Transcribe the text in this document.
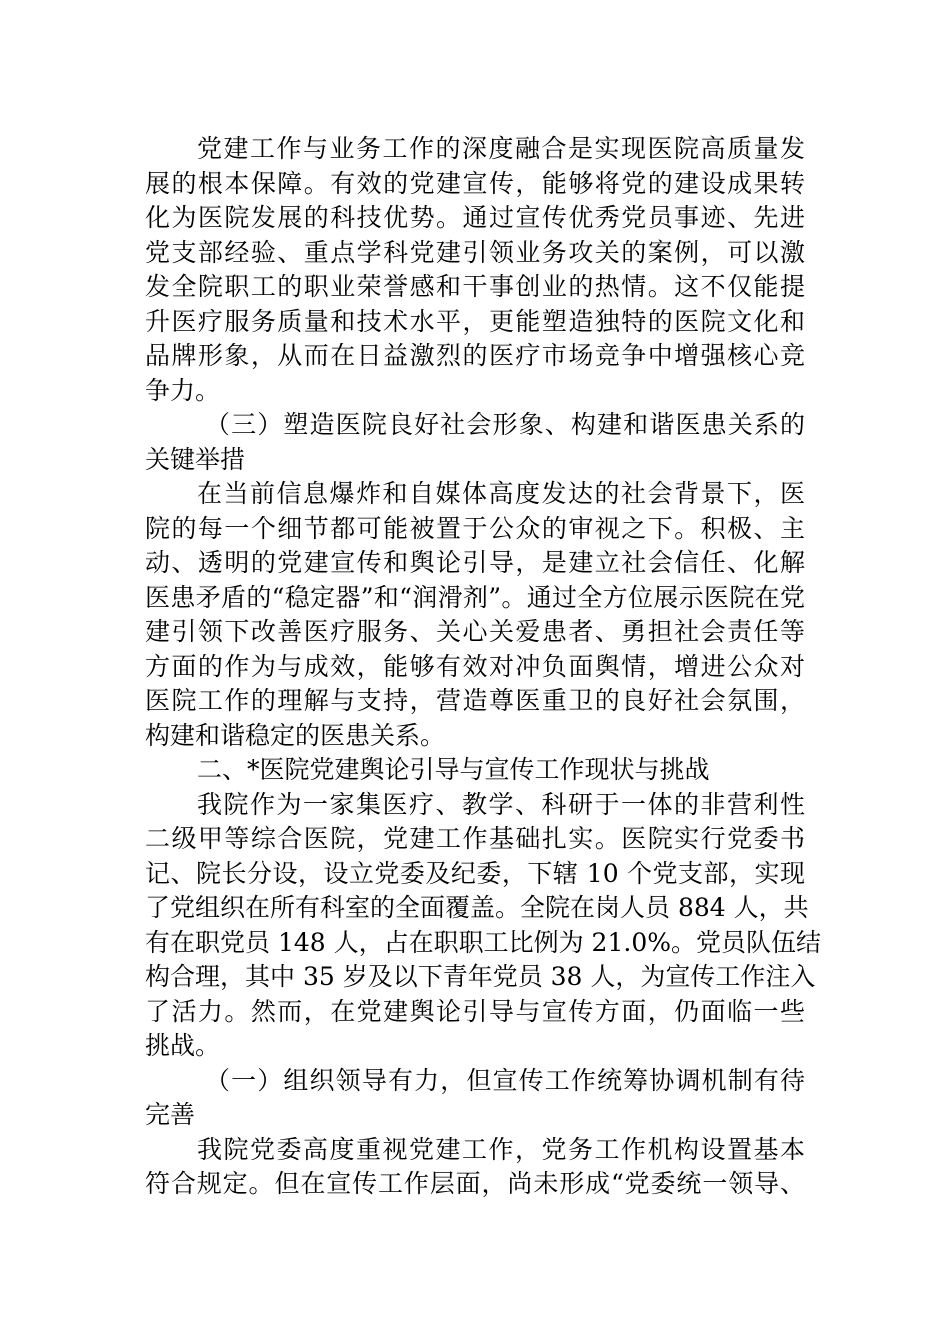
党建工作与业务工作的深度融合是实现医院高质量发
展的根本保障。有效的党建宣传，能够将党的建设成果转
化为医院发展的科技优势。通过宣传优秀党员事迹、先进
党支部经验、重点学科党建引领业务攻关的案例，可以激
发全院职工的职业荣誉感和干事创业的热情。这不仅能提
升医疗服务质量和技术水平，更能塑造独特的医院文化和
品牌形象，从而在日益激烈的医疗市场竞争中增强核心竞
争力。
（三）塑造医院良好社会形象、构建和谐医患关系的
关键举措
在当前信息爆炸和自媒体高度发达的社会背景下，医
院的每一个细节都可能被置于公众的审视之下。积极、主
动、透明的党建宣传和舆论引导，是建立社会信任、化解
医患矛盾的“稳定器”和“润滑剂”。通过全方位展示医院在党
建引领下改善医疗服务、关心关爱患者、勇担社会责任等
方面的作为与成效，能够有效对冲负面舆情，增进公众对
医院工作的理解与支持，营造尊医重卫的良好社会氛围，
构建和谐稳定的医患关系。
二、*医院党建舆论引导与宣传工作现状与挑战
我院作为一家集医疗、教学、科研于一体的非营利性
二级甲等综合医院，党建工作基础扎实。医院实行党委书
记、院长分设，设立党委及纪委，下辖 10 个党支部，实现
了党组织在所有科室的全面覆盖。全院在岗人员 884 人，共
有在职党员 148 人，占在职职工比例为 21.0%。党员队伍结
构合理，其中 35 岁及以下青年党员 38 人，为宣传工作注入
了活力。然而，在党建舆论引导与宣传方面，仍面临一些
挑战。
（一）组织领导有力，但宣传工作统筹协调机制有待
完善
我院党委高度重视党建工作，党务工作机构设置基本
符合规定。但在宣传工作层面，尚未形成“党委统一领导、
